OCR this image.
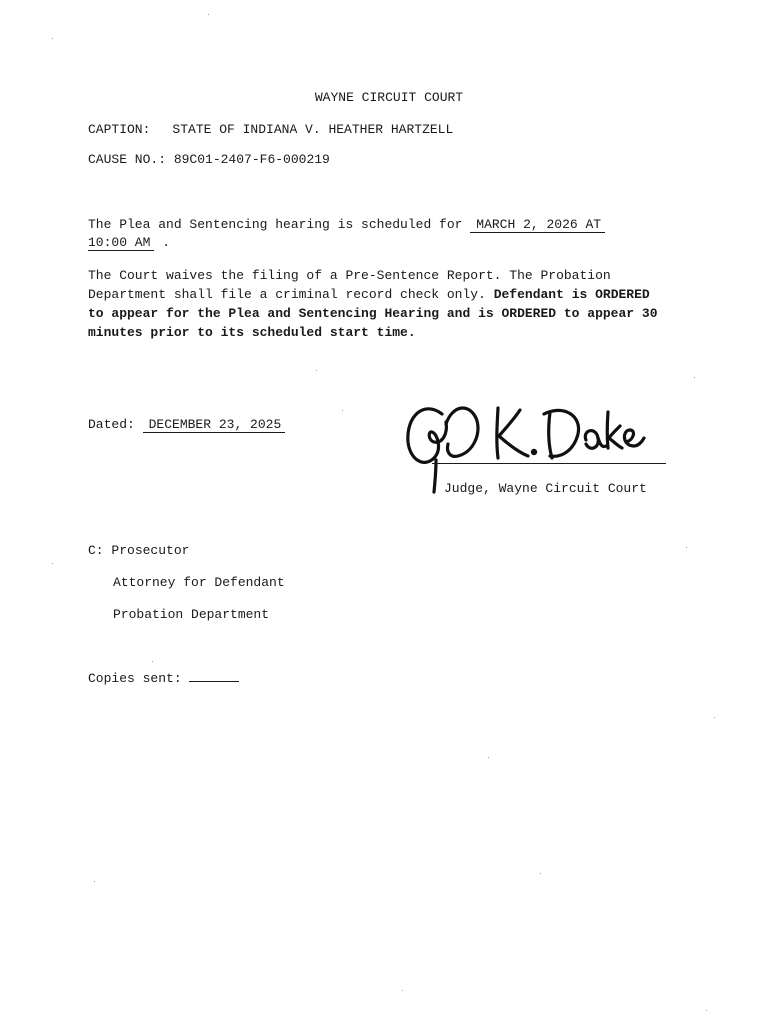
WAYNE CIRCUIT COURT
CAPTION: STATE OF INDIANA V. HEATHER HARTZELL
CAUSE NO.: 89C01-2407-F6-000219
The Plea and Sentencing hearing is scheduled for MARCH 2, 2026 AT
10:00 AM .
The Court waives the filing of a Pre-Sentence Report. The Probation Department shall file a criminal record check only. Defendant is ORDERED to appear for the Plea and Sentencing Hearing and is ORDERED to appear 30 minutes prior to its scheduled start time.
Dated: DECEMBER 23, 2025
Judge, Wayne Circuit Court
C: Prosecutor
Attorney for Defendant
Probation Department
Copies sent:
